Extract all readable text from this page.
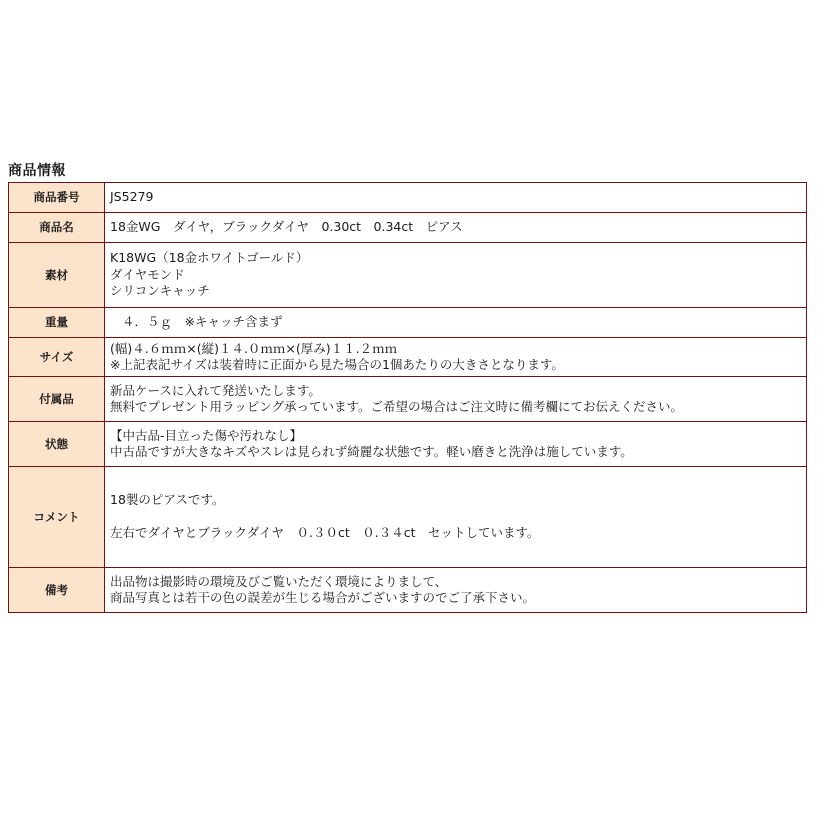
商品情報
商品番号	JS5279

商品名	18金WG　ダイヤ，ブラックダイヤ　0.30ct　0.34ct　ピアス

素材	K18WG（18金ホワイトゴールド）
ダイヤモンド
シリコンキャッチ

重量	４．５ｇ　※キャッチ含まず
サイズ	(幅)４.６ｍｍ×(縦)１４.０ｍｍ×(厚み)１１.２ｍｍ
※上記表記サイズは装着時に正面から見た場合の1個あたりの大きさとなります。

付属品	新品ケースに入れて発送いたします。
無料でプレゼント用ラッピング承っています。ご希望の場合はご注文時に備考欄にてお伝えください。

状態	【中古品-目立った傷や汚れなし】
中古品ですが大きなキズやスレは見られず綺麗な状態です。軽い磨きと洗浄は施しています。

コメント	18製のピアスです。
左右でダイヤとブラックダイヤ　０.３０ct　０.３４ct　セットしています。

備考	出品物は撮影時の環境及びご覧いただく環境によりまして、
商品写真とは若干の色の誤差が生じる場合がございますのでご了承下さい。
